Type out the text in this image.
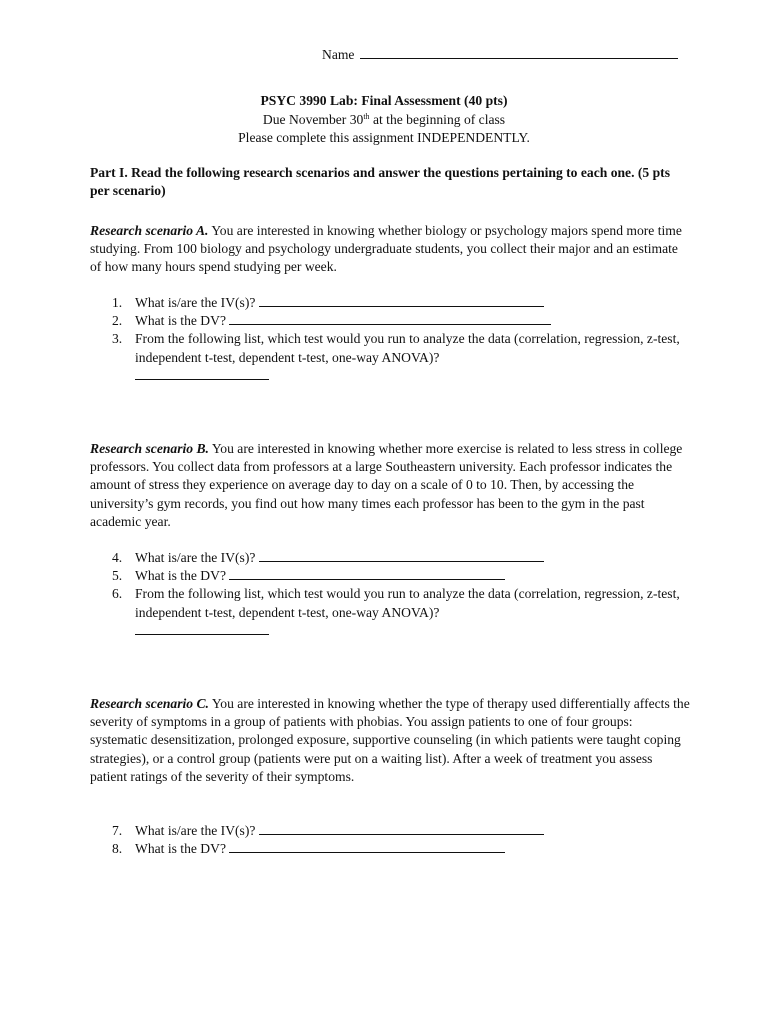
Name
PSYC 3990 Lab: Final Assessment (40 pts)
Due November 30th at the beginning of class
Please complete this assignment INDEPENDENTLY.
Part I. Read the following research scenarios and answer the questions pertaining to each one. (5 pts per scenario)
Research scenario A. You are interested in knowing whether biology or psychology majors spend more time studying. From 100 biology and psychology undergraduate students, you collect their major and an estimate of how many hours spend studying per week.
1. What is/are the IV(s)?
2. What is the DV?
3. From the following list, which test would you run to analyze the data (correlation, regression, z-test, independent t-test, dependent t-test, one-way ANOVA)?

Research scenario B. You are interested in knowing whether more exercise is related to less stress in college professors. You collect data from professors at a large Southeastern university. Each professor indicates the amount of stress they experience on average day to day on a scale of 0 to 10. Then, by accessing the university’s gym records, you find out how many times each professor has been to the gym in the past academic year.
4. What is/are the IV(s)?
5. What is the DV?
6. From the following list, which test would you run to analyze the data (correlation, regression, z-test, independent t-test, dependent t-test, one-way ANOVA)?

Research scenario C. You are interested in knowing whether the type of therapy used differentially affects the severity of symptoms in a group of patients with phobias. You assign patients to one of four groups: systematic desensitization, prolonged exposure, supportive counseling (in which patients were taught coping strategies), or a control group (patients were put on a waiting list). After a week of treatment you assess patient ratings of the severity of their symptoms.
7. What is/are the IV(s)?
8. What is the DV?
